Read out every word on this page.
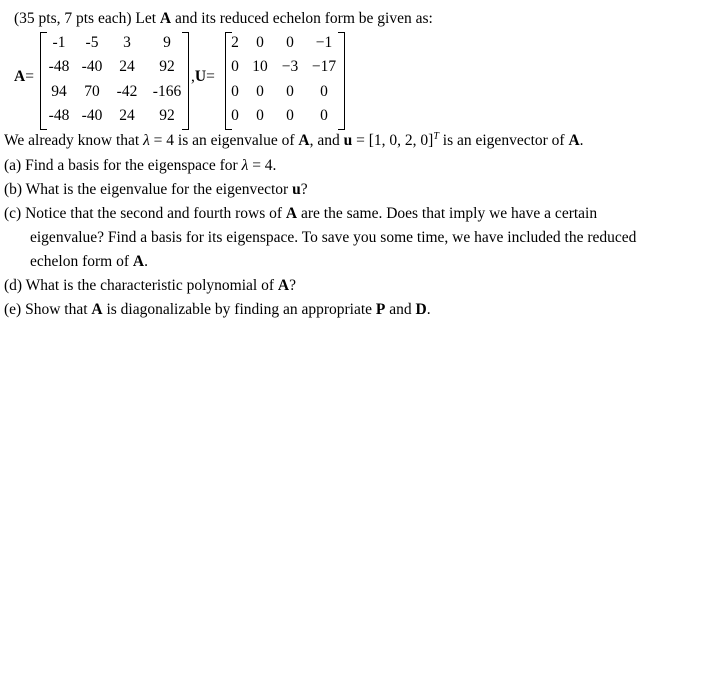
(35 pts, 7 pts each) Let A and its reduced echelon form be given as:
A=
-1	-5	3	9
-48 -40	24	92
94	70	-42 -166
-48 -40	24	92
,U=
2	0	0	−1
0 10 −3 −17
0	0	0	0
0	0	0	0
We already know that λ = 4 is an eigenvalue of A, and u = [1, 0, 2, 0]$^T$ is an eigenvector of A.
(a) Find a basis for the eigenspace for λ = 4.
(b) What is the eigenvalue for the eigenvector u?
(c) Notice that the second and fourth rows of A are the same. Does that imply we have a certain
eigenvalue? Find a basis for its eigenspace. To save you some time, we have included the reduced
echelon form of A.
(d) What is the characteristic polynomial of A?
(e) Show that A is diagonalizable by finding an appropriate P and D.
